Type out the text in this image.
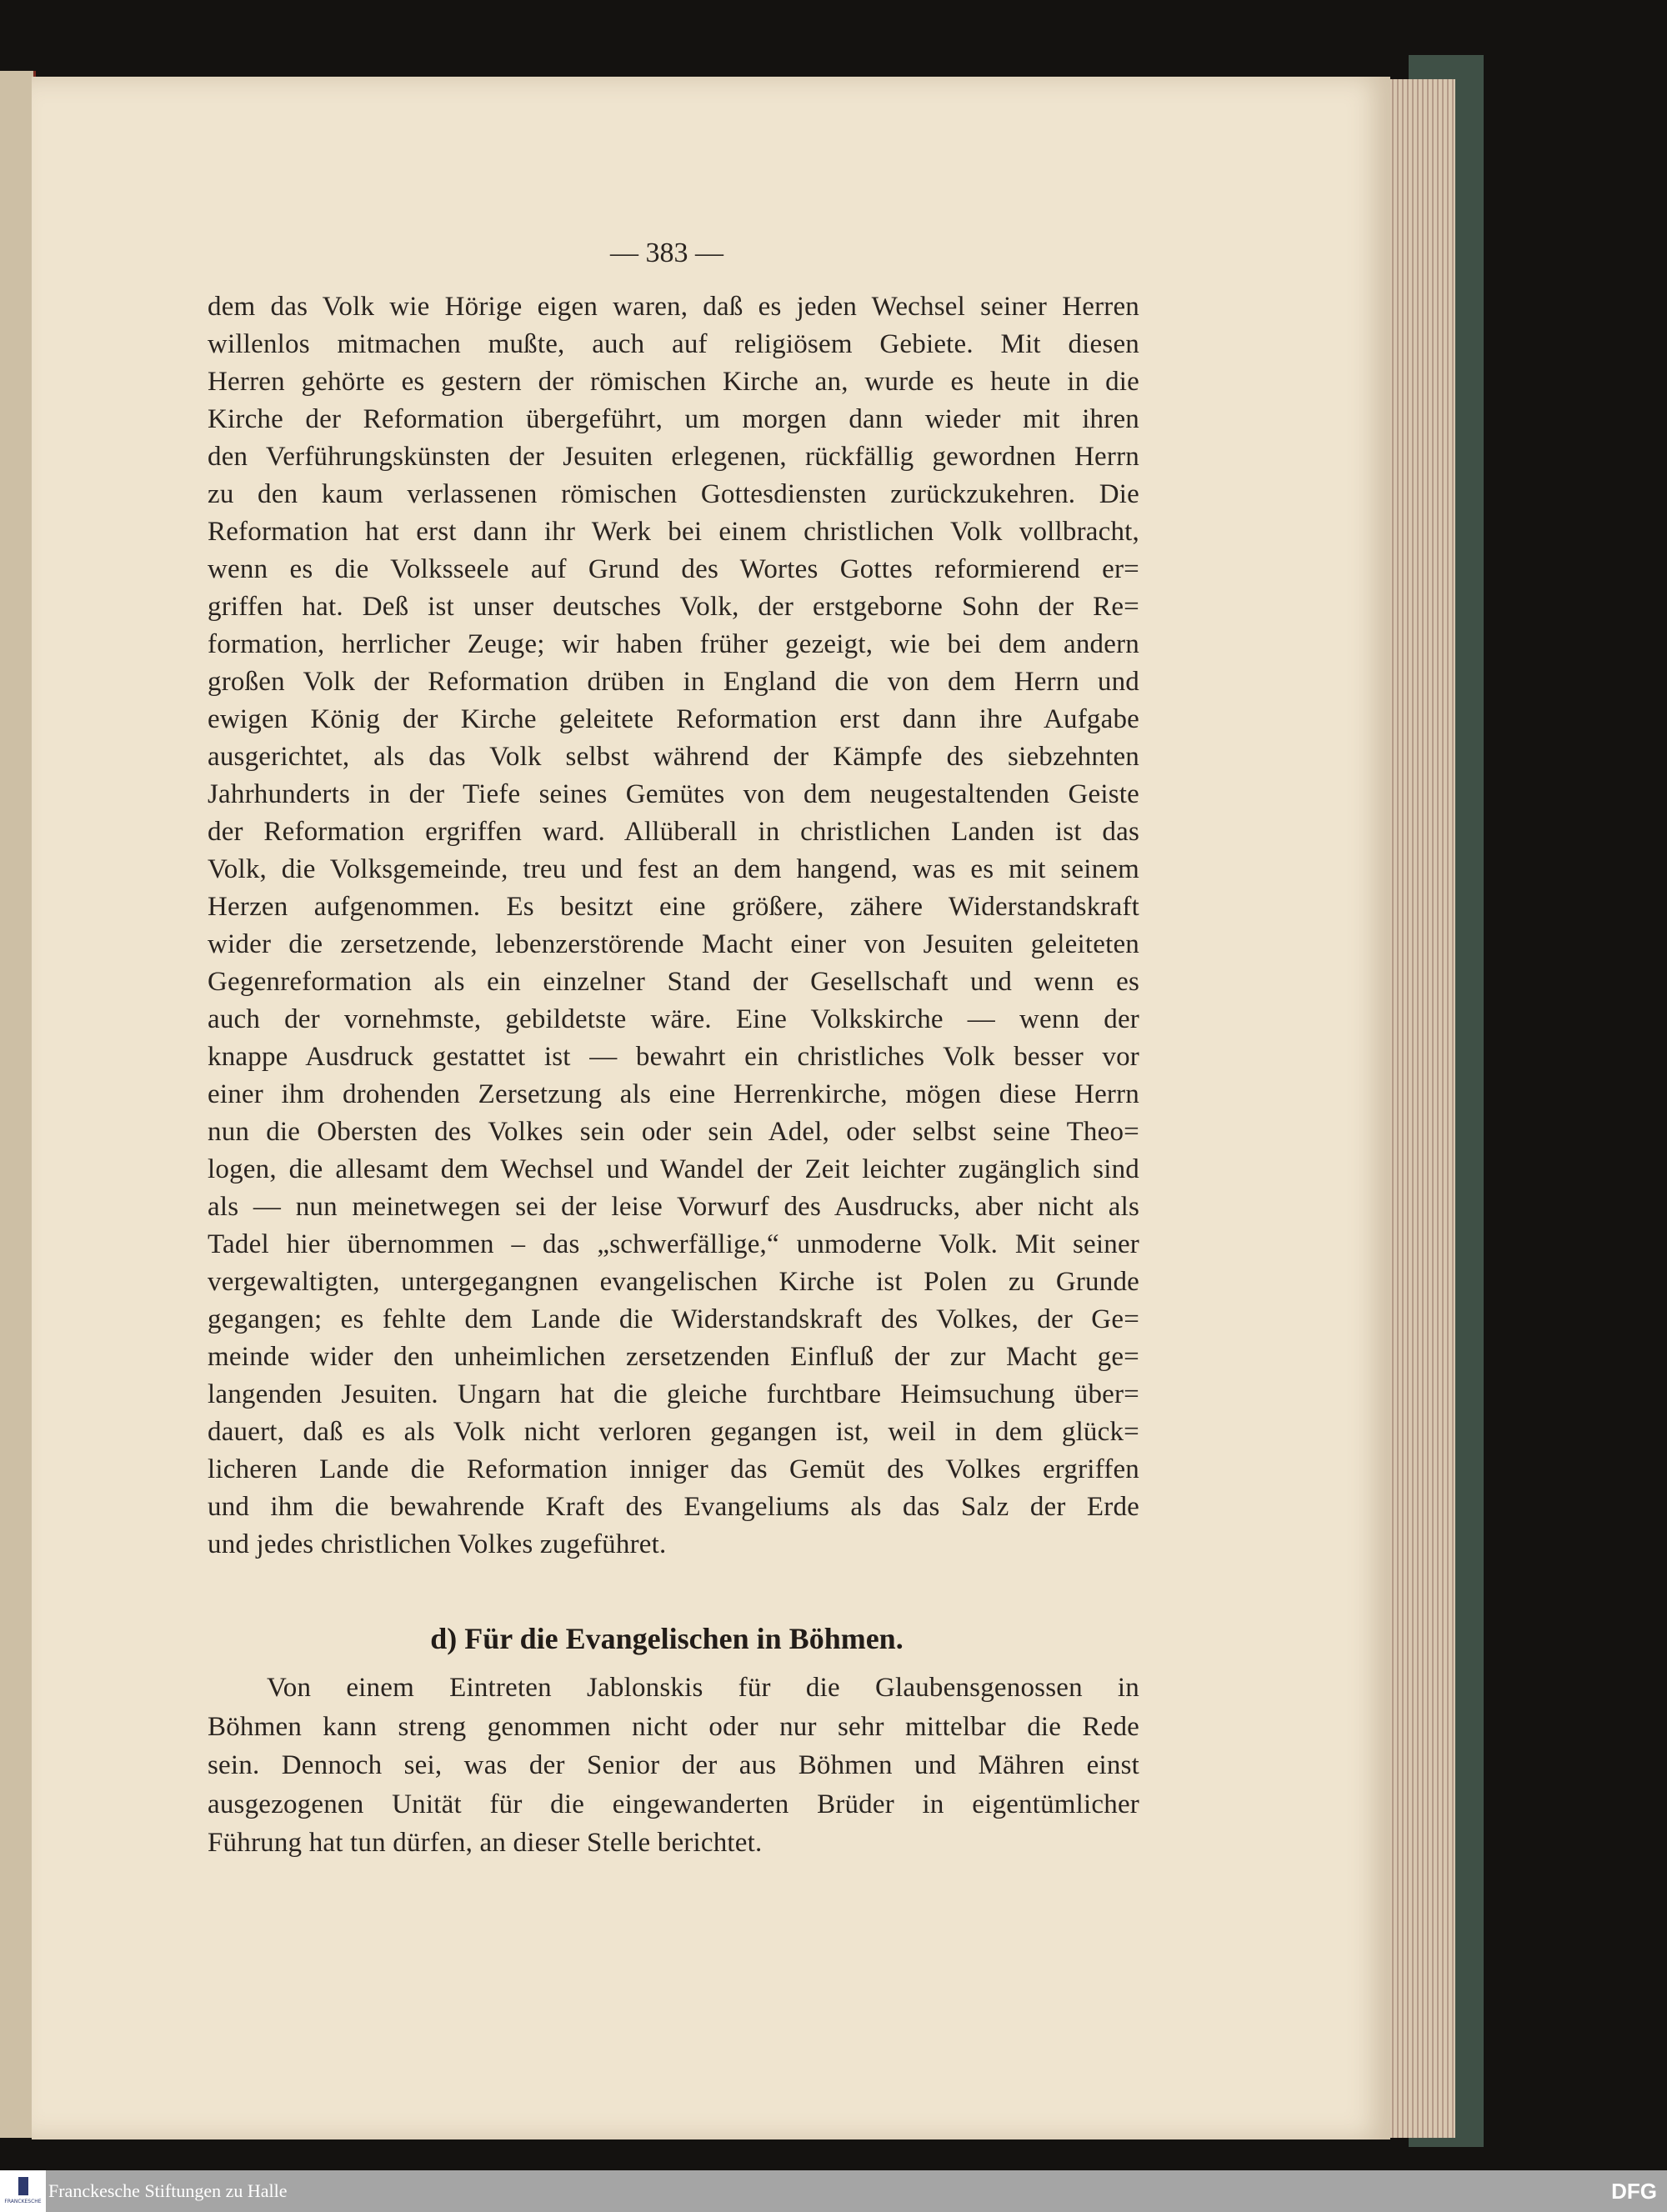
— 383 —
dem das Volk wie Hörige eigen waren, daß es jeden Wechsel seiner Herren
willenlos mitmachen mußte, auch auf religiösem Gebiete. Mit diesen
Herren gehörte es gestern der römischen Kirche an, wurde es heute in die
Kirche der Reformation übergeführt, um morgen dann wieder mit ihren
den Verführungskünsten der Jesuiten erlegenen, rückfällig gewordnen Herrn
zu den kaum verlassenen römischen Gottesdiensten zurückzukehren. Die
Reformation hat erst dann ihr Werk bei einem christlichen Volk vollbracht,
wenn es die Volksseele auf Grund des Wortes Gottes reformierend er=
griffen hat. Deß ist unser deutsches Volk, der erstgeborne Sohn der Re=
formation, herrlicher Zeuge; wir haben früher gezeigt, wie bei dem andern
großen Volk der Reformation drüben in England die von dem Herrn und
ewigen König der Kirche geleitete Reformation erst dann ihre Aufgabe
ausgerichtet, als das Volk selbst während der Kämpfe des siebzehnten
Jahrhunderts in der Tiefe seines Gemütes von dem neugestaltenden Geiste
der Reformation ergriffen ward. Allüberall in christlichen Landen ist das
Volk, die Volksgemeinde, treu und fest an dem hangend, was es mit seinem
Herzen aufgenommen. Es besitzt eine größere, zähere Widerstandskraft
wider die zersetzende, lebenzerstörende Macht einer von Jesuiten geleiteten
Gegenreformation als ein einzelner Stand der Gesellschaft und wenn es
auch der vornehmste, gebildetste wäre. Eine Volkskirche — wenn der
knappe Ausdruck gestattet ist — bewahrt ein christliches Volk besser vor
einer ihm drohenden Zersetzung als eine Herrenkirche, mögen diese Herrn
nun die Obersten des Volkes sein oder sein Adel, oder selbst seine Theo=
logen, die allesamt dem Wechsel und Wandel der Zeit leichter zugänglich sind
als — nun meinetwegen sei der leise Vorwurf des Ausdrucks, aber nicht als
Tadel hier übernommen – das „schwerfällige,“ unmoderne Volk. Mit seiner
vergewaltigten, untergegangnen evangelischen Kirche ist Polen zu Grunde
gegangen; es fehlte dem Lande die Widerstandskraft des Volkes, der Ge=
meinde wider den unheimlichen zersetzenden Einfluß der zur Macht ge=
langenden Jesuiten. Ungarn hat die gleiche furchtbare Heimsuchung über=
dauert, daß es als Volk nicht verloren gegangen ist, weil in dem glück=
licheren Lande die Reformation inniger das Gemüt des Volkes ergriffen
und ihm die bewahrende Kraft des Evangeliums als das Salz der Erde
und jedes christlichen Volkes zugeführet.
d) Für die Evangelischen in Böhmen.
Von einem Eintreten Jablonskis für die Glaubensgenossen in
Böhmen kann streng genommen nicht oder nur sehr mittelbar die Rede
sein. Dennoch sei, was der Senior der aus Böhmen und Mähren einst
ausgezogenen Unität für die eingewanderten Brüder in eigentümlicher
Führung hat tun dürfen, an dieser Stelle berichtet.
FRANCKESCHE
Franckesche Stiftungen zu Halle	DFG
